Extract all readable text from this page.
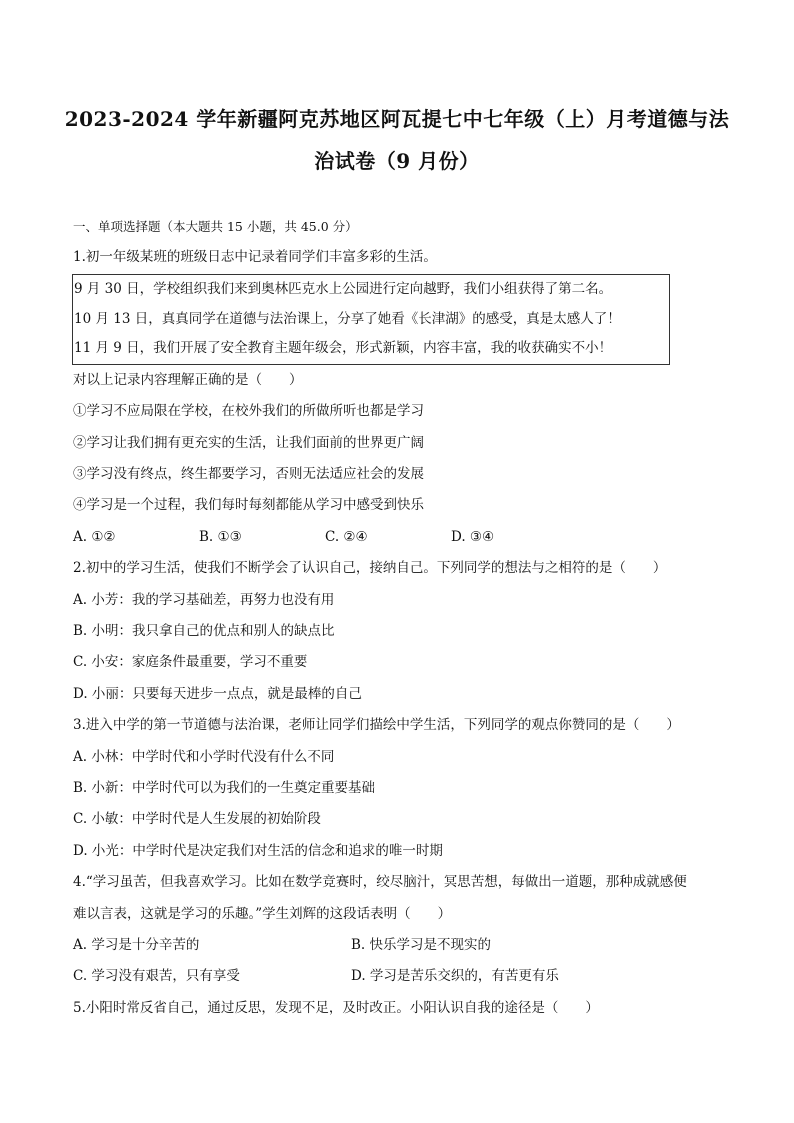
2023-2024 学年新疆阿克苏地区阿瓦提七中七年级（上）月考道德与法
治试卷（9 月份）
一、单项选择题（本大题共 15 小题，共 45.0 分）
1.初一年级某班的班级日志中记录着同学们丰富多彩的生活。
9 月 30 日，学校组织我们来到奥林匹克水上公园进行定向越野，我们小组获得了第二名。
10 月 13 日，真真同学在道德与法治课上，分享了她看《长津湖》的感受，真是太感人了！
11 月 9 日，我们开展了安全教育主题年级会，形式新颖，内容丰富，我的收获确实不小！
对以上记录内容理解正确的是（　　）
①学习不应局限在学校，在校外我们的所做所听也都是学习
②学习让我们拥有更充实的生活，让我们面前的世界更广阔
③学习没有终点，终生都要学习，否则无法适应社会的发展
④学习是一个过程，我们每时每刻都能从学习中感受到快乐
A. ①②	B. ①③	C. ②④	D. ③④
2.初中的学习生活，使我们不断学会了认识自己，接纳自己。下列同学的想法与之相符的是（　　）
A. 小芳：我的学习基础差，再努力也没有用
B. 小明：我只拿自己的优点和别人的缺点比
C. 小安：家庭条件最重要，学习不重要
D. 小丽：只要每天进步一点点，就是最棒的自己
3.进入中学的第一节道德与法治课，老师让同学们描绘中学生活，下列同学的观点你赞同的是（　　）
A. 小林：中学时代和小学时代没有什么不同
B. 小新：中学时代可以为我们的一生奠定重要基础
C. 小敏：中学时代是人生发展的初始阶段
D. 小光：中学时代是决定我们对生活的信念和追求的唯一时期
4.“学习虽苦，但我喜欢学习。比如在数学竞赛时，绞尽脑汁，冥思苦想，每做出一道题，那种成就感便
难以言表，这就是学习的乐趣。”学生刘辉的这段话表明（　　）
A. 学习是十分辛苦的	B. 快乐学习是不现实的
C. 学习没有艰苦，只有享受	D. 学习是苦乐交织的，有苦更有乐
5.小阳时常反省自己，通过反思，发现不足，及时改正。小阳认识自我的途径是（　　）
